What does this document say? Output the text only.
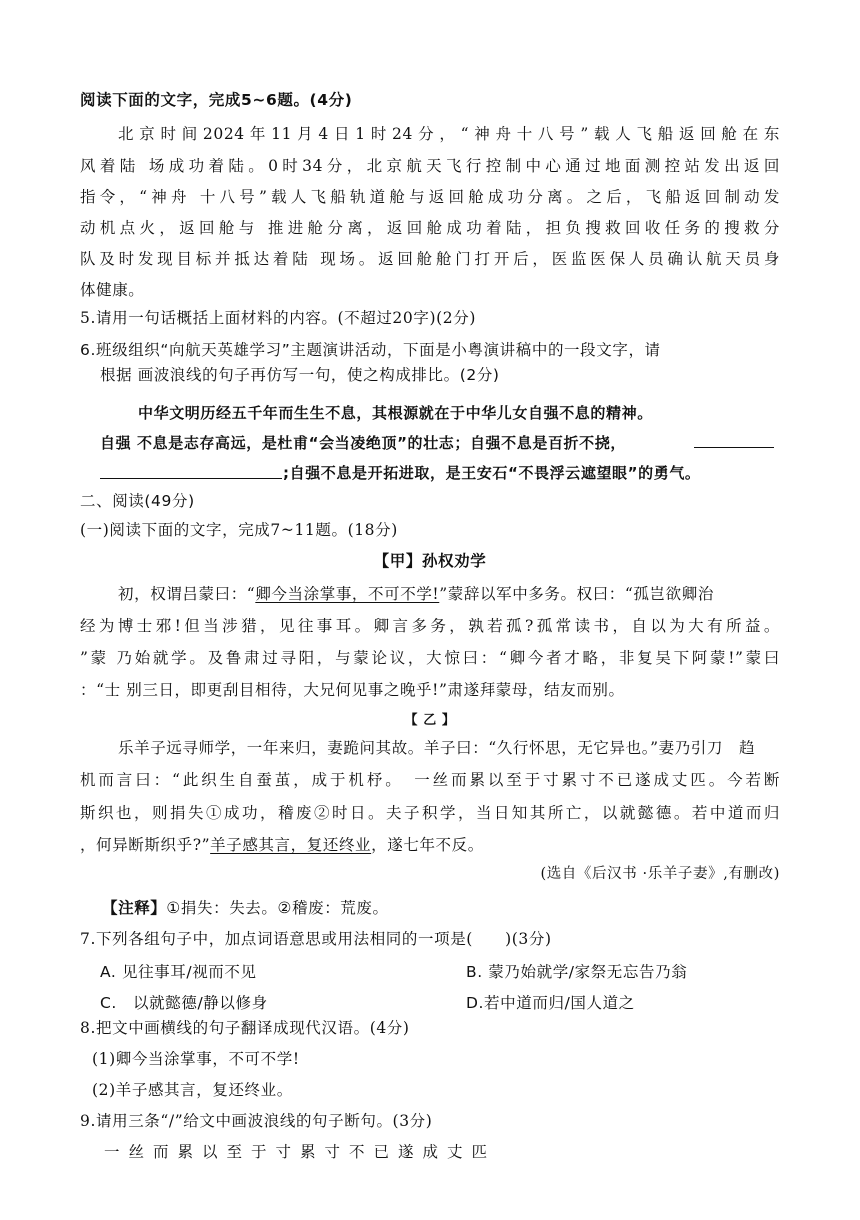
阅读下面的文字，完成5~6题。(4分)
北京时间2024年11月4日1时24分，“神舟十八号”载人飞船返回舱在东
风着陆 场成功着陆。0时34分，北京航天飞行控制中心通过地面测控站发出返回
指令，“神舟 十八号”载人飞船轨道舱与返回舱成功分离。之后，飞船返回制动发
动机点火，返回舱与 推进舱分离，返回舱成功着陆，担负搜救回收任务的搜救分
队及时发现目标并抵达着陆 现场。返回舱舱门打开后，医监医保人员确认航天员身
体健康。
5.请用一句话概括上面材料的内容。(不超过20字)(2分)
6.班级组织“向航天英雄学习”主题演讲活动，下面是小粤演讲稿中的一段文字，请
根据 画波浪线的句子再仿写一句，使之构成排比。(2分)
中华文明历经五千年而生生不息，其根源就在于中华儿女自强不息的精神。
自强 不息是志存高远，是杜甫“会当凌绝顶”的壮志；自强不息是百折不挠，
;自强不息是开拓进取，是王安石“不畏浮云遮望眼”的勇气。
二、阅读(49分)
(一)阅读下面的文字，完成7~11题。(18分)
【甲】孙权劝学
初，权谓吕蒙曰：“卿今当涂掌事，不可不学!”蒙辞以军中多务。权曰：“孤岂欲卿治
经为博士邪!但当涉猎，见往事耳。卿言多务，孰若孤?孤常读书，自以为大有所益。
”蒙 乃始就学。及鲁肃过寻阳，与蒙论议，大惊曰：“卿今者才略，非复吴下阿蒙!”蒙曰
：“士 别三日，即更刮目相待，大兄何见事之晚乎!”肃遂拜蒙母，结友而别。
【 乙 】
乐羊子远寻师学，一年来归，妻跪问其故。羊子曰：“久行怀思，无它异也。”妻乃引刀　趋
机而言曰：“此织生自蚕茧，成于机杼。　一丝而累以至于寸累寸不已遂成丈匹。今若断
斯织也，则捐失①成功，稽废②时日。夫子积学，当日知其所亡，以就懿德。若中道而归
，何异断斯织乎?”羊子感其言，复还终业，遂七年不反。
(选自《后汉书 ·乐羊子妻》,有删改)
【注释】①捐失：失去。②稽废：荒废。
7.下列各组句子中，加点词语意思或用法相同的一项是(　　)(3分)
A. 见往事耳/视而不见	B. 蒙乃始就学/家祭无忘告乃翁
C.　以就懿德/静以修身	D.若中道而归/国人道之
8.把文中画横线的句子翻译成现代汉语。(4分)
(1)卿今当涂掌事，不可不学!
(2)羊子感其言，复还终业。
9.请用三条“/”给文中画波浪线的句子断句。(3分)
一丝而累以至于寸累寸不已遂成丈匹
